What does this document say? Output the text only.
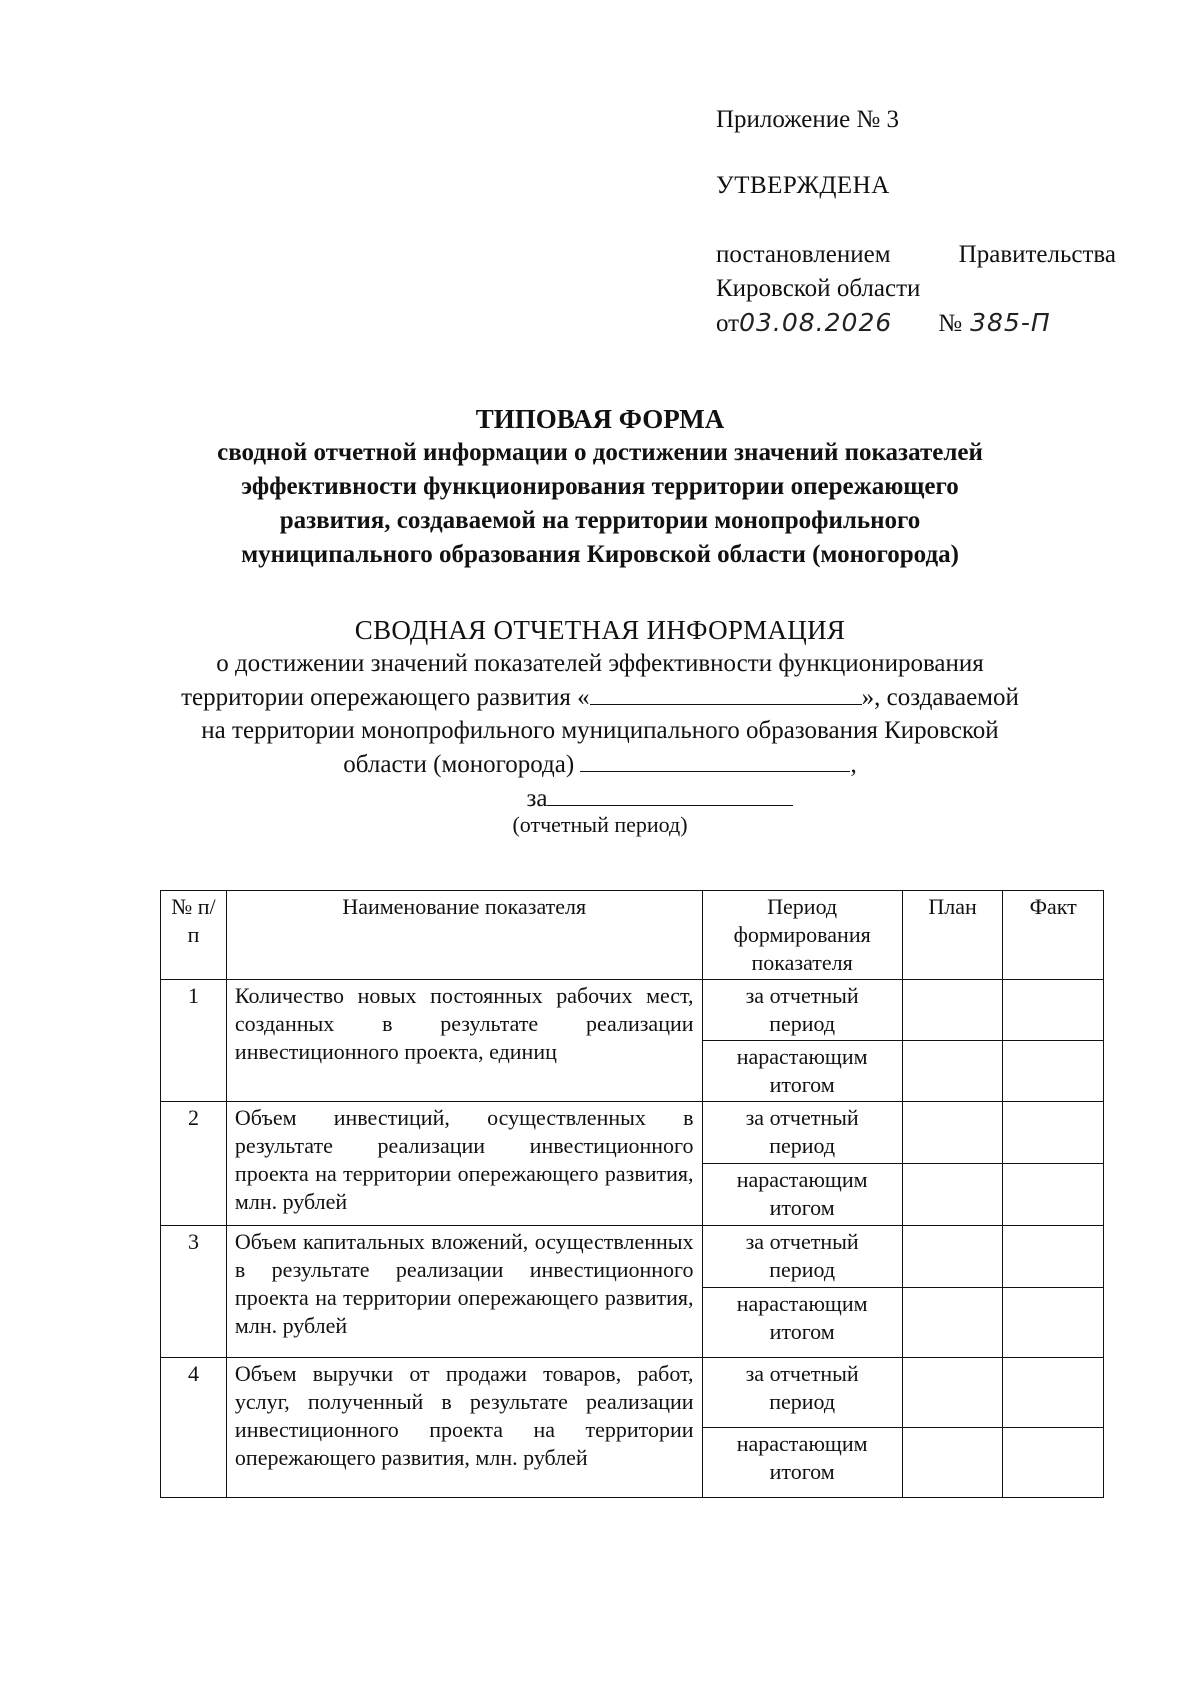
Приложение № 3
УТВЕРЖДЕНА
постановлением	Правительства
Кировской области
от 03.08.2026 № 385-П
ТИПОВАЯ ФОРМА
сводной отчетной информации о достижении значений показателей
эффективности функционирования территории опережающего
развития, создаваемой на территории монопрофильного
муниципального образования Кировской области (моногорода)
СВОДНАЯ ОТЧЕТНАЯ ИНФОРМАЦИЯ
о достижении значений показателей эффективности функционирования
территории опережающего развития «	», создаваемой
на территории монопрофильного муниципального образования Кировской
области (моногорода)	,
за
(отчетный период)
№ п/п	Наименование показателя	Период формирования показателя	План	Факт
1	Количество новых постоянных рабочих мест, созданных в результате реализации инвестиционного проекта, единиц	за отчетный период		
		нарастающим итогом		
2	Объем инвестиций, осуществленных в результате реализации инвестиционного проекта на территории опережающего развития, млн. рублей	за отчетный период		
		нарастающим итогом		
3	Объем капитальных вложений, осуществленных в результате реализации инвестиционного проекта на территории опережающего развития, млн. рублей	за отчетный период		
		нарастающим итогом		
4	Объем выручки от продажи товаров, работ, услуг, полученный в результате реализации инвестиционного проекта на территории опережающего развития, млн. рублей	за отчетный период		
		нарастающим итогом		
